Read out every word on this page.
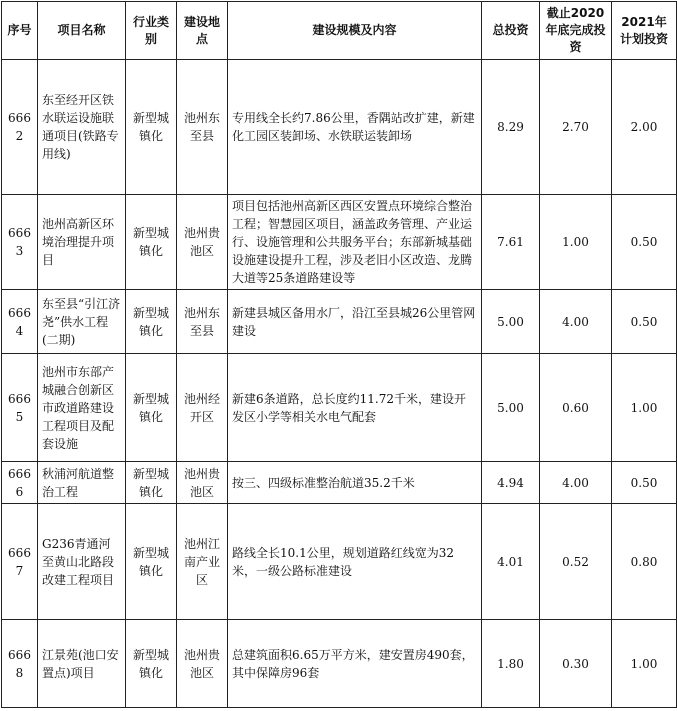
序号	项目名称	行业类别	建设地点	建设规模及内容	总投资	截止2020年底完成投资	2021年计划投资
6662	东至经开区铁水联运设施联通项目(铁路专用线)	新型城镇化	池州东至县	专用线全长约7.86公里，香隅站改扩建，新建化工园区装卸场、水铁联运装卸场	8.29	2.70	2.00
6663	池州高新区环境治理提升项目	新型城镇化	池州贵池区	项目包括池州高新区西区安置点环境综合整治工程；智慧园区项目，涵盖政务管理、产业运行、设施管理和公共服务平台；东部新城基础设施建设提升工程，涉及老旧小区改造、龙腾大道等25条道路建设等	7.61	1.00	0.50
6664	东至县“引江济尧”供水工程(二期)	新型城镇化	池州东至县	新建县城区备用水厂，沿江至县城26公里管网建设	5.00	4.00	0.50
6665	池州市东部产城融合创新区市政道路建设工程项目及配套设施	新型城镇化	池州经开区	新建6条道路，总长度约11.72千米，建设开发区小学等相关水电气配套	5.00	0.60	1.00
6666	秋浦河航道整治工程	新型城镇化	池州贵池区	按三、四级标准整治航道35.2千米	4.94	4.00	0.50
6667	G236青通河至黄山北路段改建工程项目	新型城镇化	池州江南产业区	路线全长10.1公里，规划道路红线宽为32米，一级公路标准建设	4.01	0.52	0.80
6668	江景苑(池口安置点)项目	新型城镇化	池州贵池区	总建筑面积6.65万平方米，建安置房490套，其中保障房96套	1.80	0.30	1.00
